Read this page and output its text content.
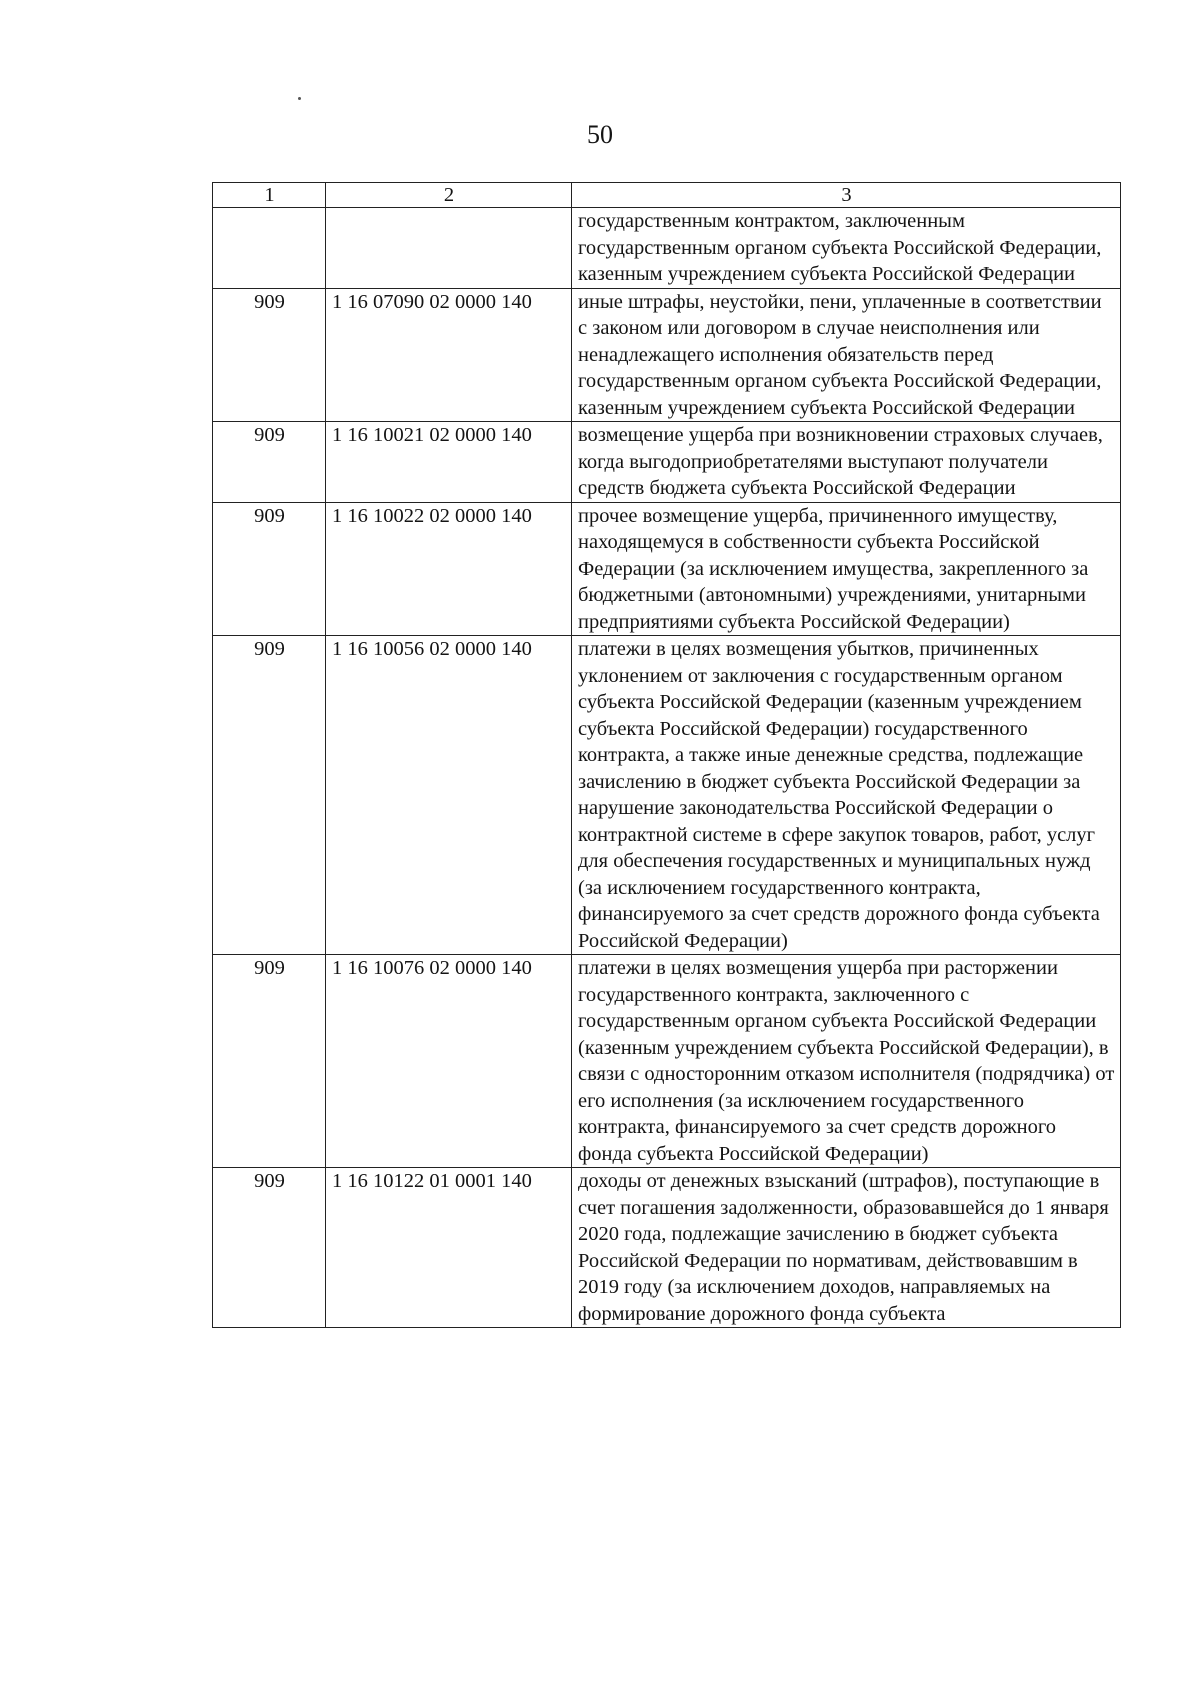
50
1	2	3
		государственным контрактом, заключенным государственным органом субъекта Российской Федерации, казенным учреждением субъекта Российской Федерации
909	1 16 07090 02 0000 140	иные штрафы, неустойки, пени, уплаченные в соответствии с законом или договором в случае неисполнения или ненадлежащего исполнения обязательств перед государственным органом субъекта Российской Федерации, казенным учреждением субъекта Российской Федерации
909	1 16 10021 02 0000 140	возмещение ущерба при возникновении страховых случаев, когда выгодоприобретателями выступают получатели средств бюджета субъекта Российской Федерации
909	1 16 10022 02 0000 140	прочее возмещение ущерба, причиненного имуществу, находящемуся в собственности субъекта Российской Федерации (за исключением имущества, закрепленного за бюджетными (автономными) учреждениями, унитарными предприятиями субъекта Российской Федерации)
909	1 16 10056 02 0000 140	платежи в целях возмещения убытков, причиненных уклонением от заключения с государственным органом субъекта Российской Федерации (казенным учреждением субъекта Российской Федерации) государственного контракта, а также иные денежные средства, подлежащие зачислению в бюджет субъекта Российской Федерации за нарушение законодательства Российской Федерации о контрактной системе в сфере закупок товаров, работ, услуг для обеспечения государственных и муниципальных нужд (за исключением государственного контракта, финансируемого за счет средств дорожного фонда субъекта Российской Федерации)
909	1 16 10076 02 0000 140	платежи в целях возмещения ущерба при расторжении государственного контракта, заключенного с государственным органом субъекта Российской Федерации (казенным учреждением субъекта Российской Федерации), в связи с односторонним отказом исполнителя (подрядчика) от его исполнения (за исключением государственного контракта, финансируемого за счет средств дорожного фонда субъекта Российской Федерации)
909	1 16 10122 01 0001 140	доходы от денежных взысканий (штрафов), поступающие в счет погашения задолженности, образовавшейся до 1 января 2020 года, подлежащие зачислению в бюджет субъекта Российской Федерации по нормативам, действовавшим в 2019 году (за исключением доходов, направляемых на формирование дорожного фонда субъекта
